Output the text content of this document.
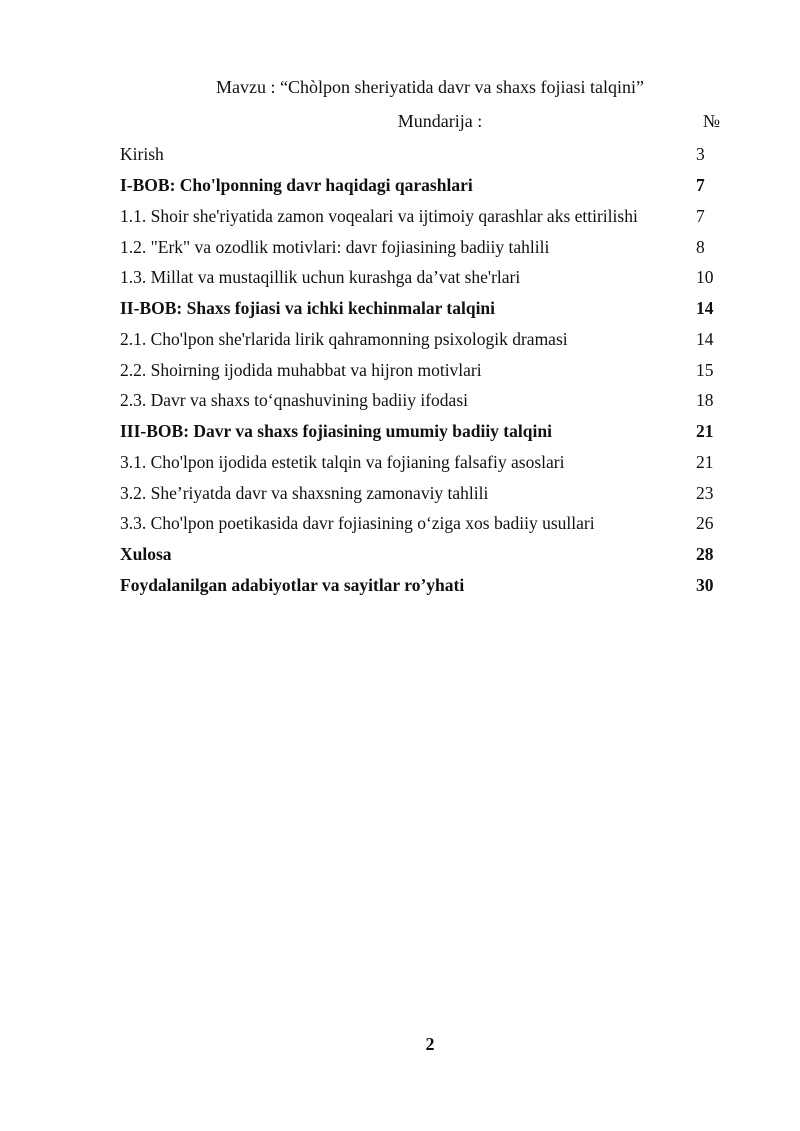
Mavzu : “Chòlpon sheriyatida davr va shaxs fojiasi talqini”
Mundarija :	№
Kirish	3
I-BOB: Cho'lponning davr haqidagi qarashlari	7
1.1. Shoir she'riyatida zamon voqealari va ijtimoiy qarashlar aks ettirilishi	7
1.2. "Erk" va ozodlik motivlari: davr fojiasining badiiy tahlili	8
1.3. Millat va mustaqillik uchun kurashga da’vat she'rlari	10
II-BOB: Shaxs fojiasi va ichki kechinmalar talqini	14
2.1. Cho'lpon she'rlarida lirik qahramonning psixologik dramasi	14
2.2. Shoirning ijodida muhabbat va hijron motivlari	15
2.3. Davr va shaxs to‘qnashuvining badiiy ifodasi	18
III-BOB: Davr va shaxs fojiasining umumiy badiiy talqini	21
3.1. Cho'lpon ijodida estetik talqin va fojianing falsafiy asoslari	21
3.2. She’riyatda davr va shaxsning zamonaviy tahlili	23
3.3. Cho'lpon poetikasida davr fojiasining o‘ziga xos badiiy usullari	26
Xulosa	28
Foydalanilgan adabiyotlar va sayitlar ro’yhati	30
2
